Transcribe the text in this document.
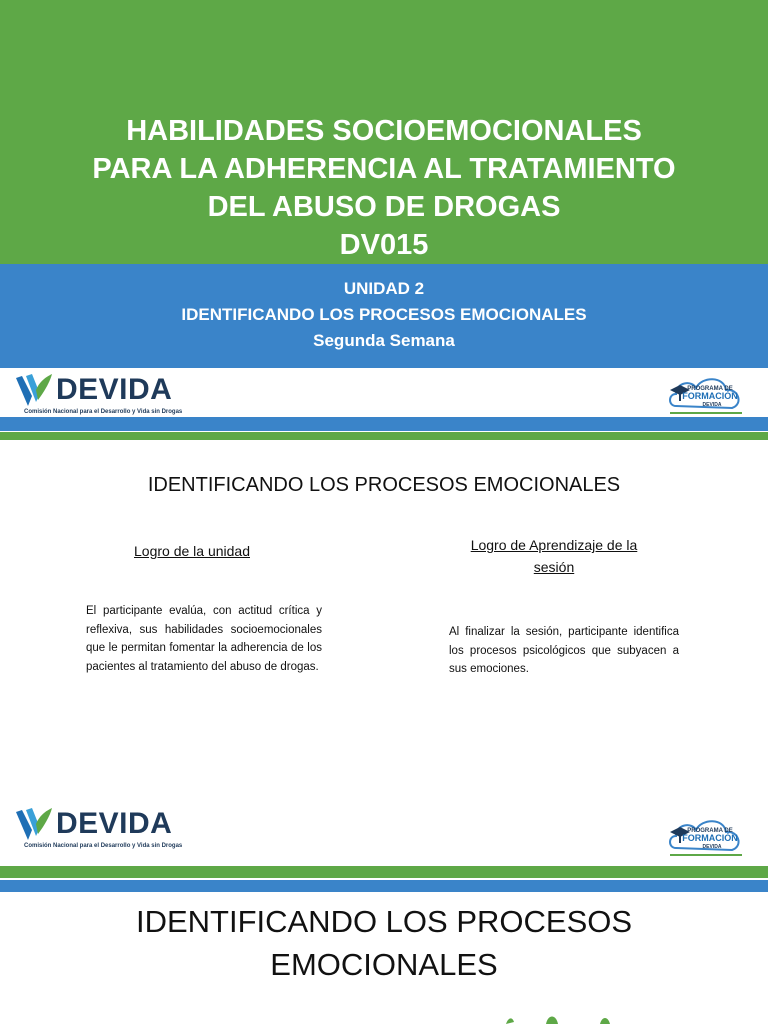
HABILIDADES SOCIOEMOCIONALES
PARA LA ADHERENCIA AL TRATAMIENTO
DEL ABUSO DE DROGAS
DV015
UNIDAD 2
IDENTIFICANDO LOS PROCESOS EMOCIONALES
Segunda Semana
DEVIDA
Comisión Nacional para el Desarrollo y Vida sin Drogas
PROGRAMA DE
FORMACIÓN
DEVIDA
IDENTIFICANDO LOS PROCESOS EMOCIONALES
Logro de la unidad
El participante evalúa, con actitud crítica y reflexiva, sus habilidades socioemocionales que le permitan fomentar la adherencia de los pacientes al tratamiento del abuso de drogas.
Logro de Aprendizaje de la
sesión
Al finalizar la sesión, participante identifica los procesos psicológicos que subyacen a sus emociones.
DEVIDA
Comisión Nacional para el Desarrollo y Vida sin Drogas
PROGRAMA DE
FORMACIÓN
DEVIDA
IDENTIFICANDO LOS PROCESOS
EMOCIONALES
